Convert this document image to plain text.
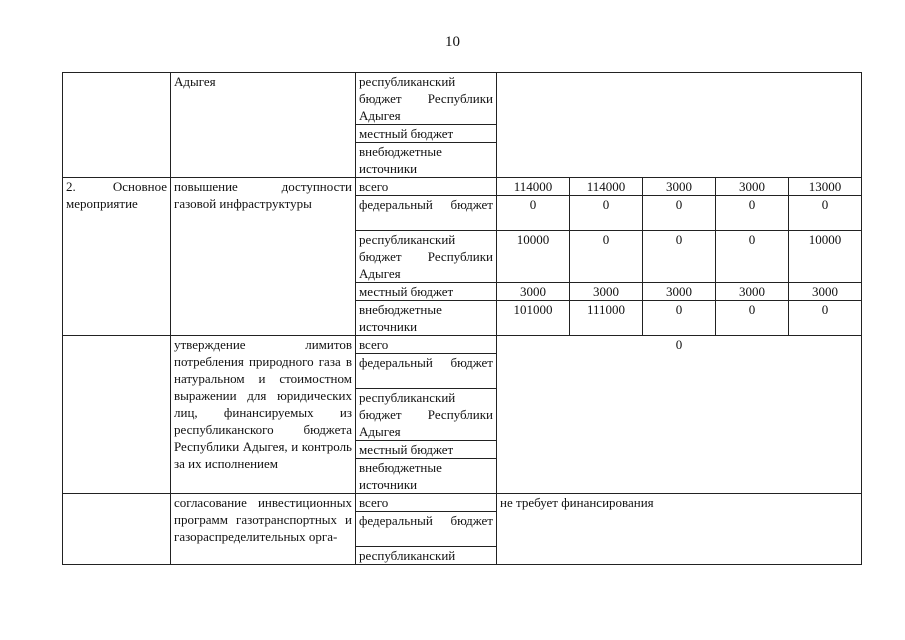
10
	Адыгея	республиканский бюджет Республики Адыгея					
		местный бюджет					
		внебюджетные источники					
2. Основное мероприятие	повышение доступности газовой инфраструктуры	всего	114000	114000	3000	3000	13000
		федеральный бюджет	0	0	0	0	0
		республиканский бюджет Республики Адыгея	10000	0	0	0	10000
		местный бюджет	3000	3000	3000	3000	3000
		внебюджетные источники	101000	111000	0	0	0
	утверждение лимитов потребления природного газа в натуральном и стоимостном выражении для юридических лиц, финансируемых из республиканского бюджета Республики Адыгея, и контроль за их исполнением	всего	0				
		федеральный бюджет					
		республиканский бюджет Республики Адыгея					
		местный бюджет					
		внебюджетные источники					
	согласование инвестиционных программ газотранспортных и газораспределительных орга-	всего	не требует финансирования				
		федеральный бюджет					
		республиканский					
